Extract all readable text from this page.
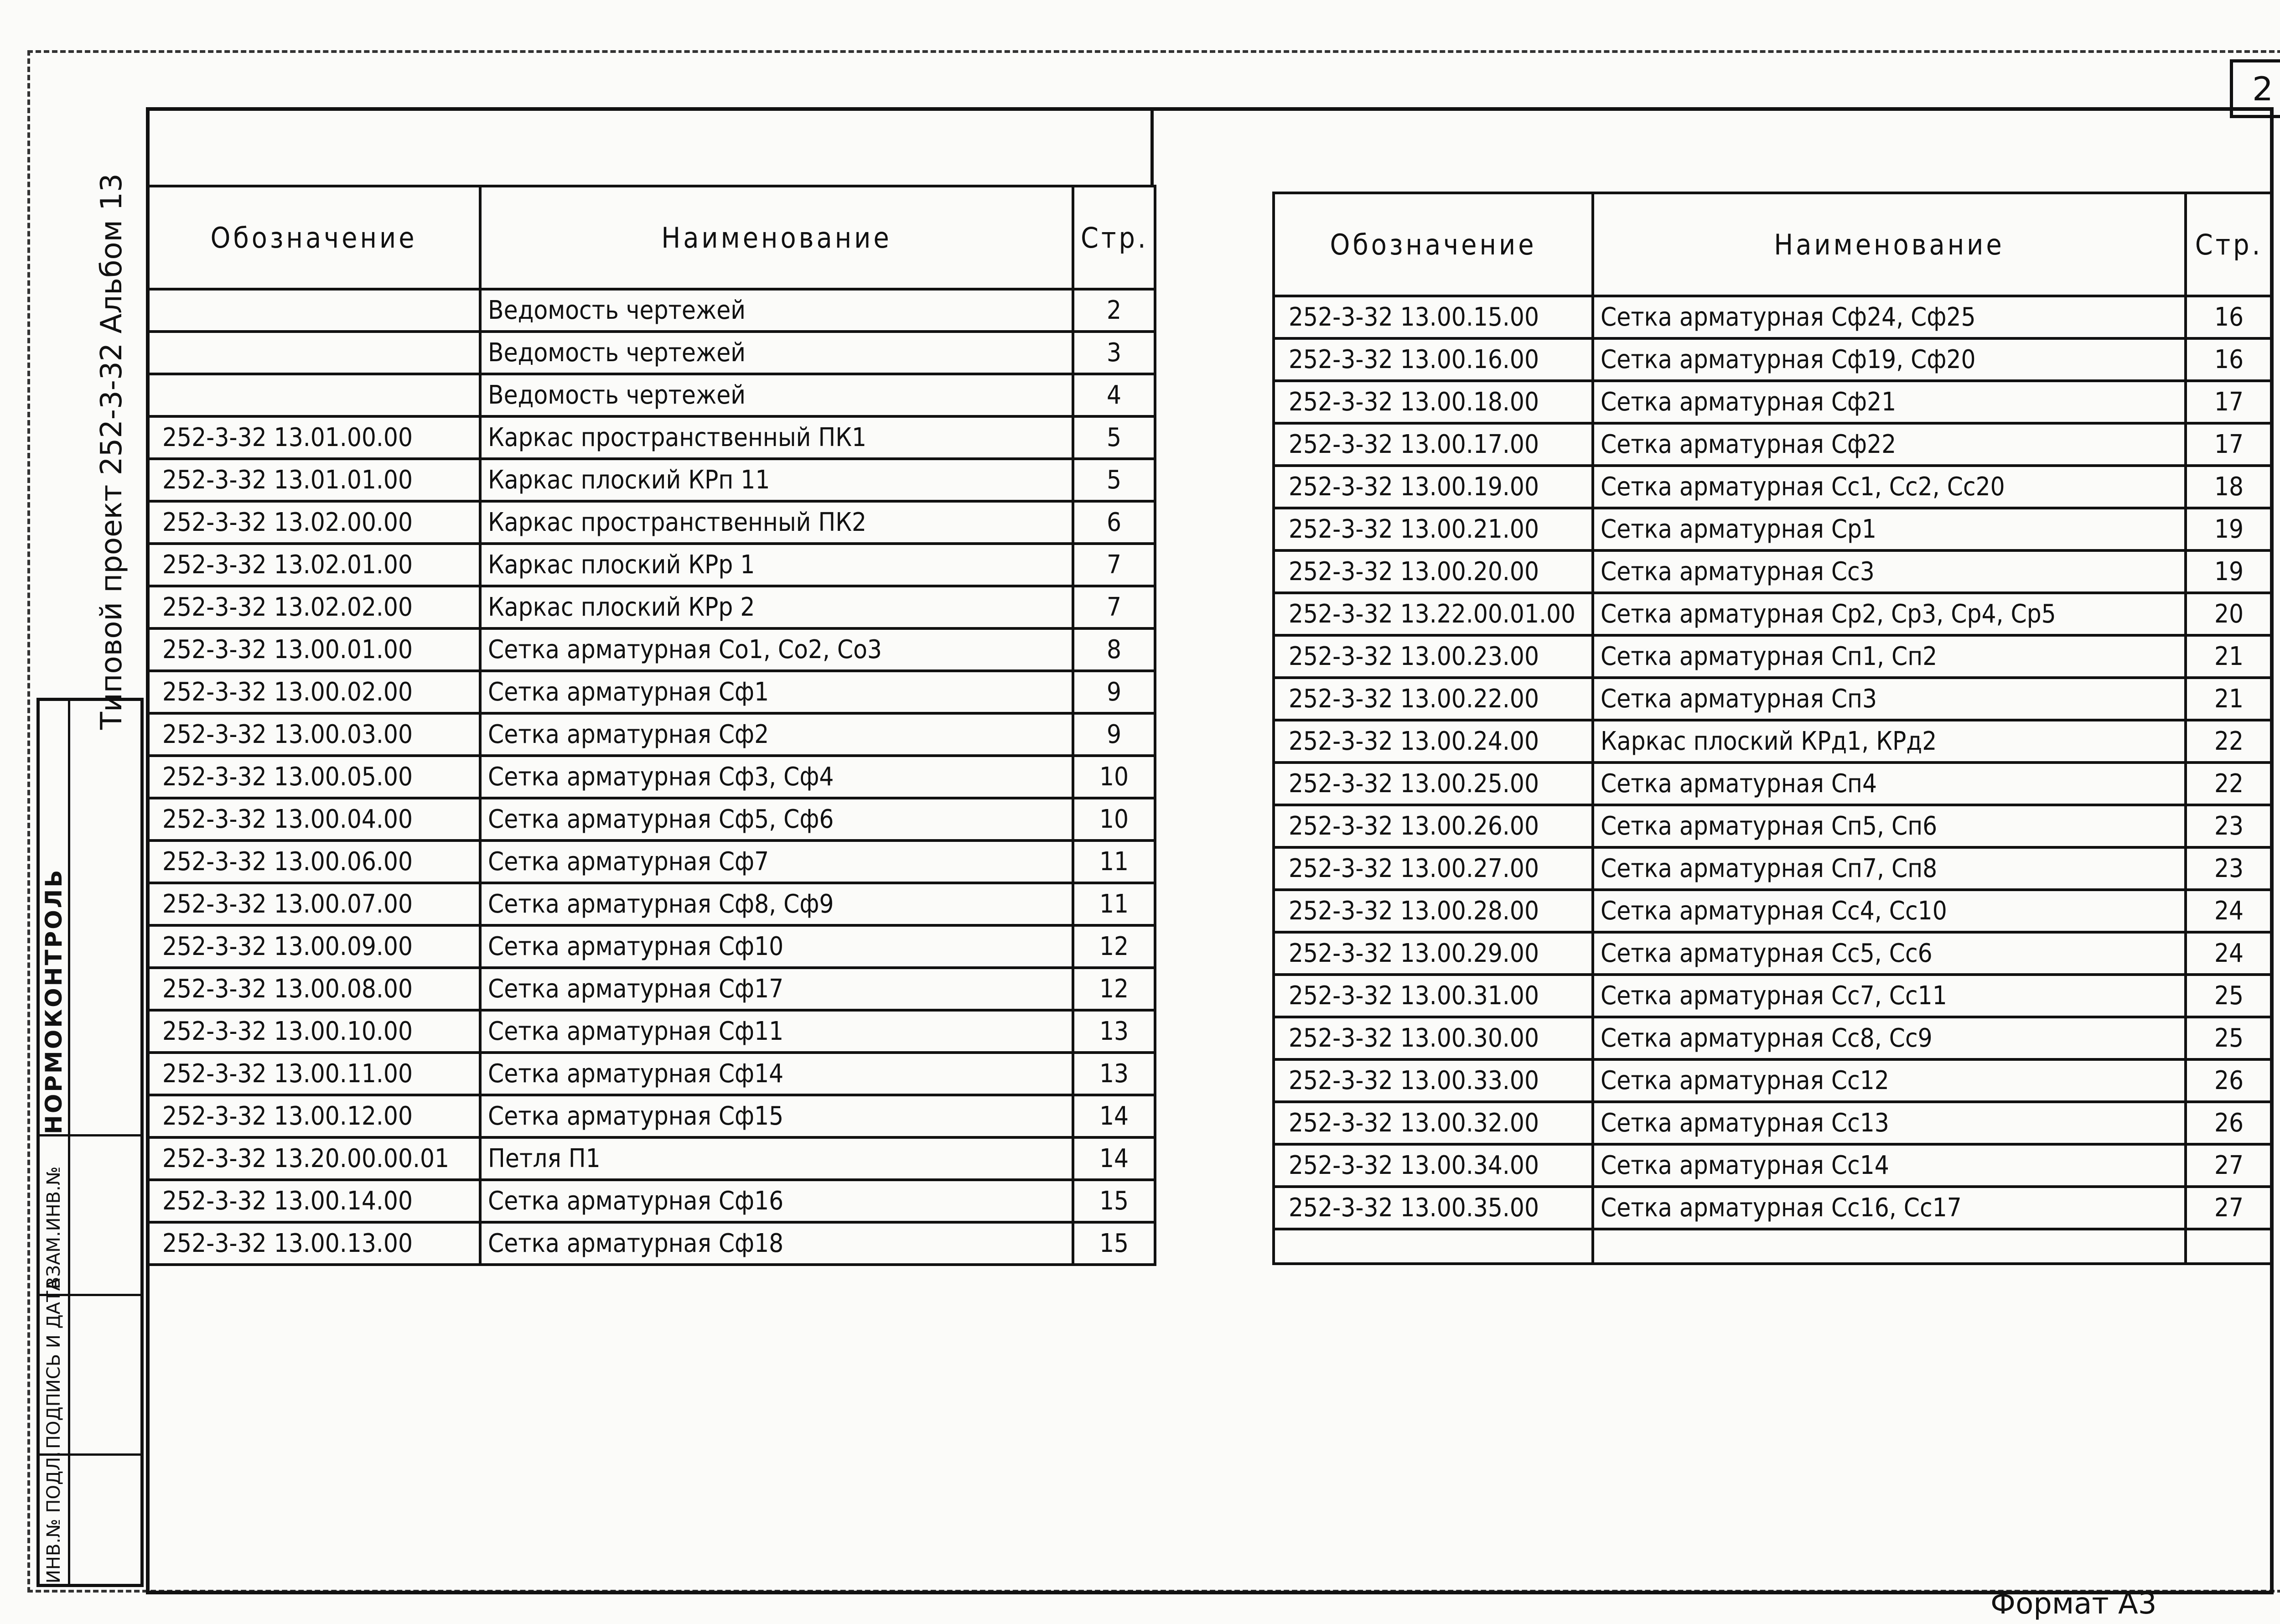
2
Типовой проект 252-3-32 Альбом 13
НОРМОКОНТРОЛЬ
ВЗАМ.ИНВ.№
ПОДПИСЬ И ДАТА
ИНВ.№ ПОДЛ.
Обозначение	Наименование	Стр.
	Ведомость чертежей	2
	Ведомость чертежей	3
	Ведомость чертежей	4
252-3-32 13.01.00.00	Каркас пространственный ПК1	5
252-3-32 13.01.01.00	Каркас плоский КРп 11	5
252-3-32 13.02.00.00	Каркас пространственный ПК2	6
252-3-32 13.02.01.00	Каркас плоский КРр 1	7
252-3-32 13.02.02.00	Каркас плоский КРр 2	7
252-3-32 13.00.01.00	Сетка арматурная Со1, Со2, Со3	8
252-3-32 13.00.02.00	Сетка арматурная Сф1	9
252-3-32 13.00.03.00	Сетка арматурная Сф2	9
252-3-32 13.00.05.00	Сетка арматурная Сф3, Сф4	10
252-3-32 13.00.04.00	Сетка арматурная Сф5, Сф6	10
252-3-32 13.00.06.00	Сетка арматурная Сф7	11
252-3-32 13.00.07.00	Сетка арматурная Сф8, Сф9	11
252-3-32 13.00.09.00	Сетка арматурная Сф10	12
252-3-32 13.00.08.00	Сетка арматурная Сф17	12
252-3-32 13.00.10.00	Сетка арматурная Сф11	13
252-3-32 13.00.11.00	Сетка арматурная Сф14	13
252-3-32 13.00.12.00	Сетка арматурная Сф15	14
252-3-32 13.20.00.00.01	Петля П1	14
252-3-32 13.00.14.00	Сетка арматурная Сф16	15
252-3-32 13.00.13.00	Сетка арматурная Сф18	15
Обозначение	Наименование	Стр.
252-3-32 13.00.15.00	Сетка арматурная Сф24, Сф25	16
252-3-32 13.00.16.00	Сетка арматурная Сф19, Сф20	16
252-3-32 13.00.18.00	Сетка арматурная Сф21	17
252-3-32 13.00.17.00	Сетка арматурная Сф22	17
252-3-32 13.00.19.00	Сетка арматурная Сс1, Сс2, Сс20	18
252-3-32 13.00.21.00	Сетка арматурная Ср1	19
252-3-32 13.00.20.00	Сетка арматурная Сс3	19
252-3-32 13.22.00.01.00	Сетка арматурная Ср2, Ср3, Ср4, Ср5	20
252-3-32 13.00.23.00	Сетка арматурная Сп1, Сп2	21
252-3-32 13.00.22.00	Сетка арматурная Сп3	21
252-3-32 13.00.24.00	Каркас плоский КРд1, КРд2	22
252-3-32 13.00.25.00	Сетка арматурная Сп4	22
252-3-32 13.00.26.00	Сетка арматурная Сп5, Сп6	23
252-3-32 13.00.27.00	Сетка арматурная Сп7, Сп8	23
252-3-32 13.00.28.00	Сетка арматурная Сс4, Сс10	24
252-3-32 13.00.29.00	Сетка арматурная Сс5, Сс6	24
252-3-32 13.00.31.00	Сетка арматурная Сс7, Сс11	25
252-3-32 13.00.30.00	Сетка арматурная Сс8, Сс9	25
252-3-32 13.00.33.00	Сетка арматурная Сс12	26
252-3-32 13.00.32.00	Сетка арматурная Сс13	26
252-3-32 13.00.34.00	Сетка арматурная Сс14	27
252-3-32 13.00.35.00	Сетка арматурная Сс16, Сс17	27

Формат А3
